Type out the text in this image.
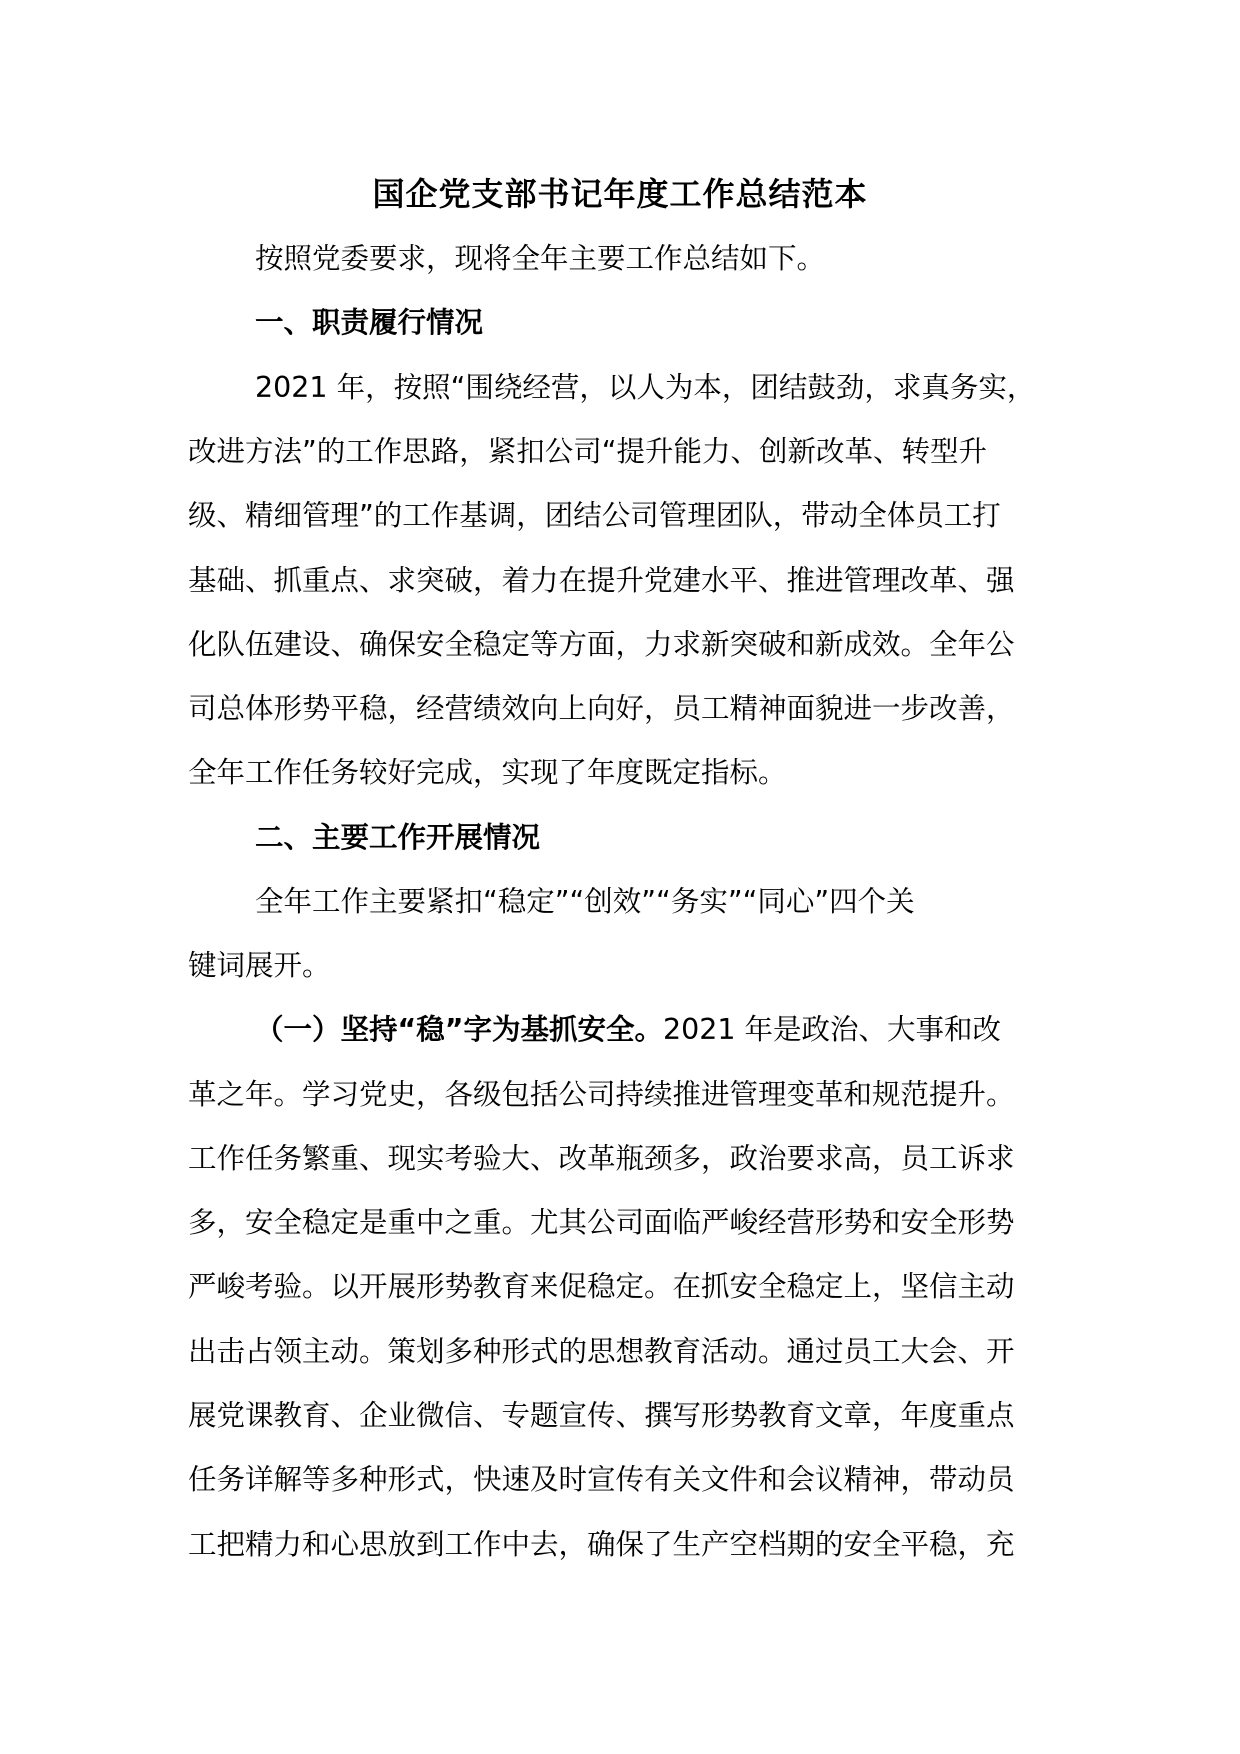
国企党支部书记年度工作总结范本
按照党委要求，现将全年主要工作总结如下。
一、职责履行情况
2021 年，按照“围绕经营，以人为本，团结鼓劲，求真务实，
改进方法”的工作思路，紧扣公司“提升能力、创新改革、转型升
级、精细管理”的工作基调，团结公司管理团队，带动全体员工打
基础、抓重点、求突破，着力在提升党建水平、推进管理改革、强
化队伍建设、确保安全稳定等方面，力求新突破和新成效。全年公
司总体形势平稳，经营绩效向上向好，员工精神面貌进一步改善，
全年工作任务较好完成，实现了年度既定指标。
二、主要工作开展情况
全年工作主要紧扣“稳定”“创效”“务实”“同心”四个关
键词展开。
（一）坚持“稳”字为基抓安全。2021 年是政治、大事和改
革之年。学习党史，各级包括公司持续推进管理变革和规范提升。
工作任务繁重、现实考验大、改革瓶颈多，政治要求高，员工诉求
多，安全稳定是重中之重。尤其公司面临严峻经营形势和安全形势
严峻考验。以开展形势教育来促稳定。在抓安全稳定上，坚信主动
出击占领主动。策划多种形式的思想教育活动。通过员工大会、开
展党课教育、企业微信、专题宣传、撰写形势教育文章，年度重点
任务详解等多种形式，快速及时宣传有关文件和会议精神，带动员
工把精力和心思放到工作中去，确保了生产空档期的安全平稳，充
